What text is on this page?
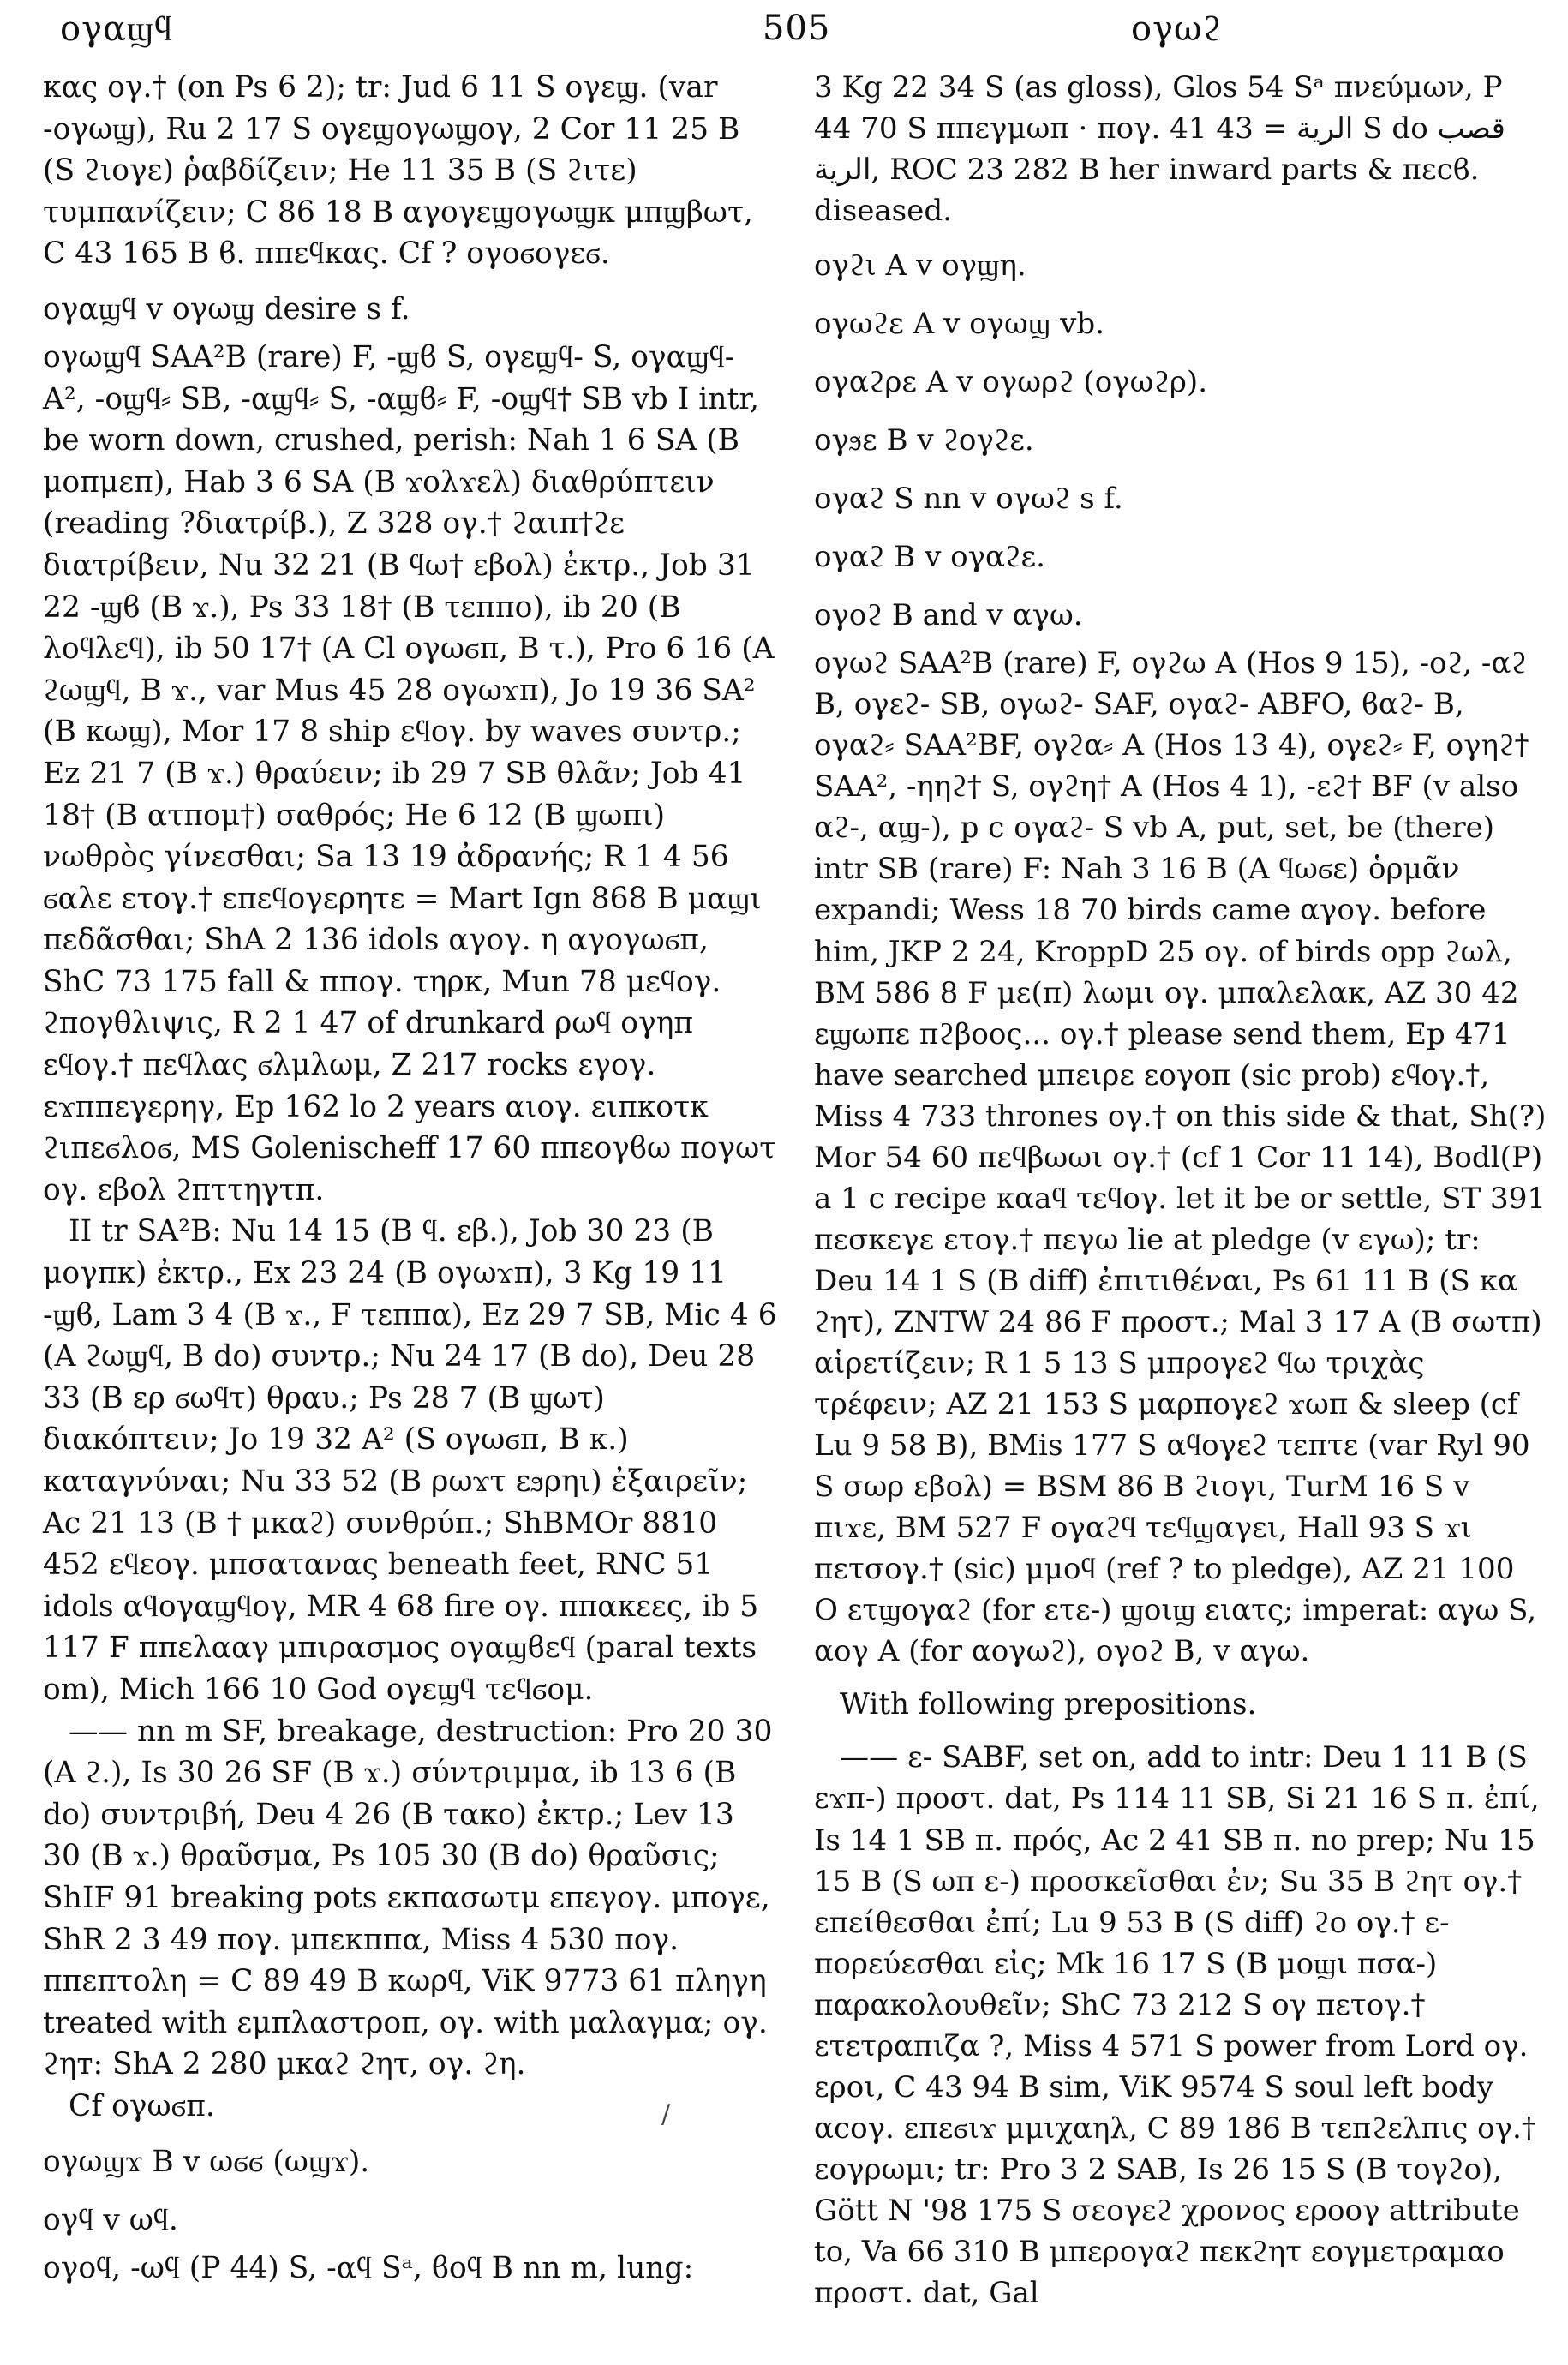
ογαϣϥ	505	ογωϩ

κας ογ.† (on Ps 6 2); tr: Jud 6 11 S ογεϣ. (var -ογωϣ), Ru 2 17 S ογεϣογωϣογ, 2 Cor 11 25 B (S ϩιογε) ῥαβδίζειν; He 11 35 B (S ϩιτε) τυμπανίζειν; C 86 18 B αγογεϣογωϣκ μπϣβωτ, C 43 165 B ϐ. ππεϥκας. Cf ? ογοϭογεϭ.

ογαϣϥ v ογωϣ desire s f.

ογωϣϥ SAA²B (rare) F, -ϣϐ S, ογεϣϥ- S, ογαϣϥ- A², -οϣϥ⸗ SB, -αϣϥ⸗ S, -αϣϐ⸗ F, -οϣϥ† SB vb I intr, be worn down, crushed, perish: Nah 1 6 SA (B μοπμεπ), Hab 3 6 SA (B ϫολϫελ) διαθρύπτειν (reading ?διατρίβ.), Z 328 ογ.† ϩαιπ†ϩε διατρίβειν, Nu 32 21 (B ϥω† εβολ) ἐκτρ., Job 31 22 -ϣϐ (B ϫ.), Ps 33 18† (B τεππο), ib 20 (B λοϥλεϥ), ib 50 17† (A Cl ογωϭπ, B τ.), Pro 6 16 (A ϩωϣϥ, B ϫ., var Mus 45 28 ογωϫπ), Jo 19 36 SA² (B κωϣ), Mor 17 8 ship εϥογ. by waves συντρ.; Ez 21 7 (B ϫ.) θραύειν; ib 29 7 SB θλᾶν; Job 41 18† (B ατπομ†) σαθρός; He 6 12 (B ϣωπι) νωθρὸς γίνεσθαι; Sa 13 19 ἀδρανής; R 1 4 56 ϭαλε ετογ.† επεϥογερητε = Mart Ign 868 B μαϣι πεδᾶσθαι; ShA 2 136 idols αγογ. η αγογωϭπ, ShC 73 175 fall & ππογ. τηρκ, Mun 78 μεϥογ. ϩπογθλιψις, R 2 1 47 of drunkard ρωϥ ογηπ εϥογ.† πεϥλας ϭλμλωμ, Z 217 rocks εγογ. εϫππεγερηγ, Ep 162 lo 2 years αιογ. ειπκοτκ ϩιπεϭλοϭ, MS Golenischeff 17 60 ππεογϐω πογωτ ογ. εβολ ϩπττηγτπ.

II tr SA²B: Nu 14 15 (B ϥ. εβ.), Job 30 23 (B μογπκ) ἐκτρ., Ex 23 24 (B ογωϫπ), 3 Kg 19 11 -ϣϐ, Lam 3 4 (B ϫ., F τεππα), Ez 29 7 SB, Mic 4 6 (A ϩωϣϥ, B do) συντρ.; Nu 24 17 (B do), Deu 28 33 (B ερ ϭωϥτ) θραυ.; Ps 28 7 (B ϣωτ) διακόπτειν; Jo 19 32 A² (S ογωϭπ, B κ.) καταγνύναι; Nu 33 52 (B ρωϫτ εϧρηι) ἐξαιρεῖν; Ac 21 13 (B † μκαϩ) συνθρύπ.; ShBMOr 8810 452 εϥεογ. μπσατανας beneath feet, RNC 51 idols αϥογαϣϥογ, MR 4 68 fire ογ. ππακεες, ib 5 117 F ππελααγ μπιρασμος ογαϣϐεϥ (paral texts om), Mich 166 10 God ογεϣϥ τεϥϭομ.

—— nn m SF, breakage, destruction: Pro 20 30 (A ϩ.), Is 30 26 SF (B ϫ.) σύντριμμα, ib 13 6 (B do) συντριβή, Deu 4 26 (B τακο) ἐκτρ.; Lev 13 30 (B ϫ.) θραῦσμα, Ps 105 30 (B do) θραῦσις; ShIF 91 breaking pots εκπασωτμ επεγογ. μπογε, ShR 2 3 49 πογ. μπεκππα, Miss 4 530 πογ. ππεπτολη = C 89 49 B κωρϥ, ViK 9773 61 πληγη treated with εμπλαστροπ, ογ. with μαλαγμα; ογ. ϩηт: ShA 2 280 μκαϩ ϩητ, ογ. ϩη.

Cf ογωϭπ.

ογωϣϫ B v ωϭϭ (ωϣϫ).

ογϥ v ωϥ.

ογοϥ, -ωϥ (P 44) S, -αϥ Sᵃ, ϐοϥ B nn m, lung:

3 Kg 22 34 S (as gloss), Glos 54 Sᵃ πνεύμων, P 44 70 S ππεγμωπ · πογ. الرية = 43 41 S do قصب الرية, ROC 23 282 B her inward parts & πεсϐ. diseased.

ογϩι A v ογϣη.

ογωϩε A v ογωϣ vb.

ογαϩρε A v ογωρϩ (ογωϩρ).

ογϧε B v ϩογϩε.

ογαϩ S nn v ογωϩ s f.

ογαϩ B v ογαϩε.

ογοϩ B and v αγω.

ογωϩ SAA²B (rare) F, ογϩω A (Hos 9 15), -οϩ, -αϩ B, ογεϩ- SB, ογωϩ- SAF, ογαϩ- ABFO, ϐαϩ- B, ογαϩ⸗ SAA²BF, ογϩα⸗ A (Hos 13 4), ογεϩ⸗ F, ογηϩ† SAA², -ηηϩ† S, ογϩη† A (Hos 4 1), -εϩ† BF (v also αϩ-, αϣ-), p c ογαϩ- S vb A, put, set, be (there) intr SB (rare) F: Nah 3 16 B (A ϥωϭε) ὁρμᾶν expandi; Wess 18 70 birds came αγογ. before him, JKP 2 24, KroppD 25 ογ. of birds opp ϩωλ, BM 586 8 F με(π) λωμι ογ. μπαλελακ, AZ 30 42 εϣωπε πϩβοος... ογ.† please send them, Ep 471 have searched μπειρε εογοπ (sic prob) εϥογ.†, Miss 4 733 thrones ογ.† on this side & that, Sh(?) Mor 54 60 πεϥβωωι ογ.† (cf 1 Cor 11 14), Bodl(P) a 1 c recipe καаϥ τεϥογ. let it be or settle, ST 391 πεσκεγε ετογ.† πεγω lie at pledge (v εγω); tr: Deu 14 1 S (B diff) ἐπιτιθέναι, Ps 61 11 B (S κα ϩητ), ZNTW 24 86 F προστ.; Mal 3 17 A (B σωτπ) αἱρετίζειν; R 1 5 13 S μπρογεϩ ϥω τριχὰς τρέφειν; AZ 21 153 S μαρπογεϩ ϫωπ & sleep (cf Lu 9 58 B), BMis 177 S αϥογεϩ τεπτε (var Ryl 90 S σωρ εβολ) = BSM 86 B ϩιογι, TurM 16 S v πιϫε, BM 527 F ογαϩϥ τεϥϣαγει, Hall 93 S ϫι πετσογ.† (sic) μμοϥ (ref ? to pledge), AZ 21 100 O ετϣογαϩ (for ετε-) ϣοιϣ ειατς; imperat: αγω S, αογ A (for αογωϩ), ογοϩ B, v αγω.

With following prepositions.

—— ε- SABF, set on, add to intr: Deu 1 11 B (S εϫπ-) προστ. dat, Ps 114 11 SB, Si 21 16 S π. ἐπί, Is 14 1 SB π. πρός, Ac 2 41 SB π. no prep; Nu 15 15 B (S ωπ ε-) προσκεῖσθαι ἐν; Su 35 B ϩητ ογ.† επείθεσθαι ἐπί; Lu 9 53 B (S diff) ϩο ογ.† ε- πορεύεσθαι εἰς; Mk 16 17 S (B μοϣι πσα-) παρακολουθεῖν; ShC 73 212 S ογ πετογ.† ετετραπιζα ?, Miss 4 571 S power from Lord ογ. εροι, C 43 94 B sim, ViK 9574 S soul left body αсογ. επεϭιϫ μμιχαηλ, C 89 186 B τεпϩελπις ογ.† εογρωμι; tr: Pro 3 2 SAB, Is 26 15 S (B τογϩο), Gött N '98 175 S σεογεϩ χρονος εροογ attribute to, Va 66 310 B μπερογαϩ πεκϩητ εογμετραμαο προστ. dat, Gal

/
